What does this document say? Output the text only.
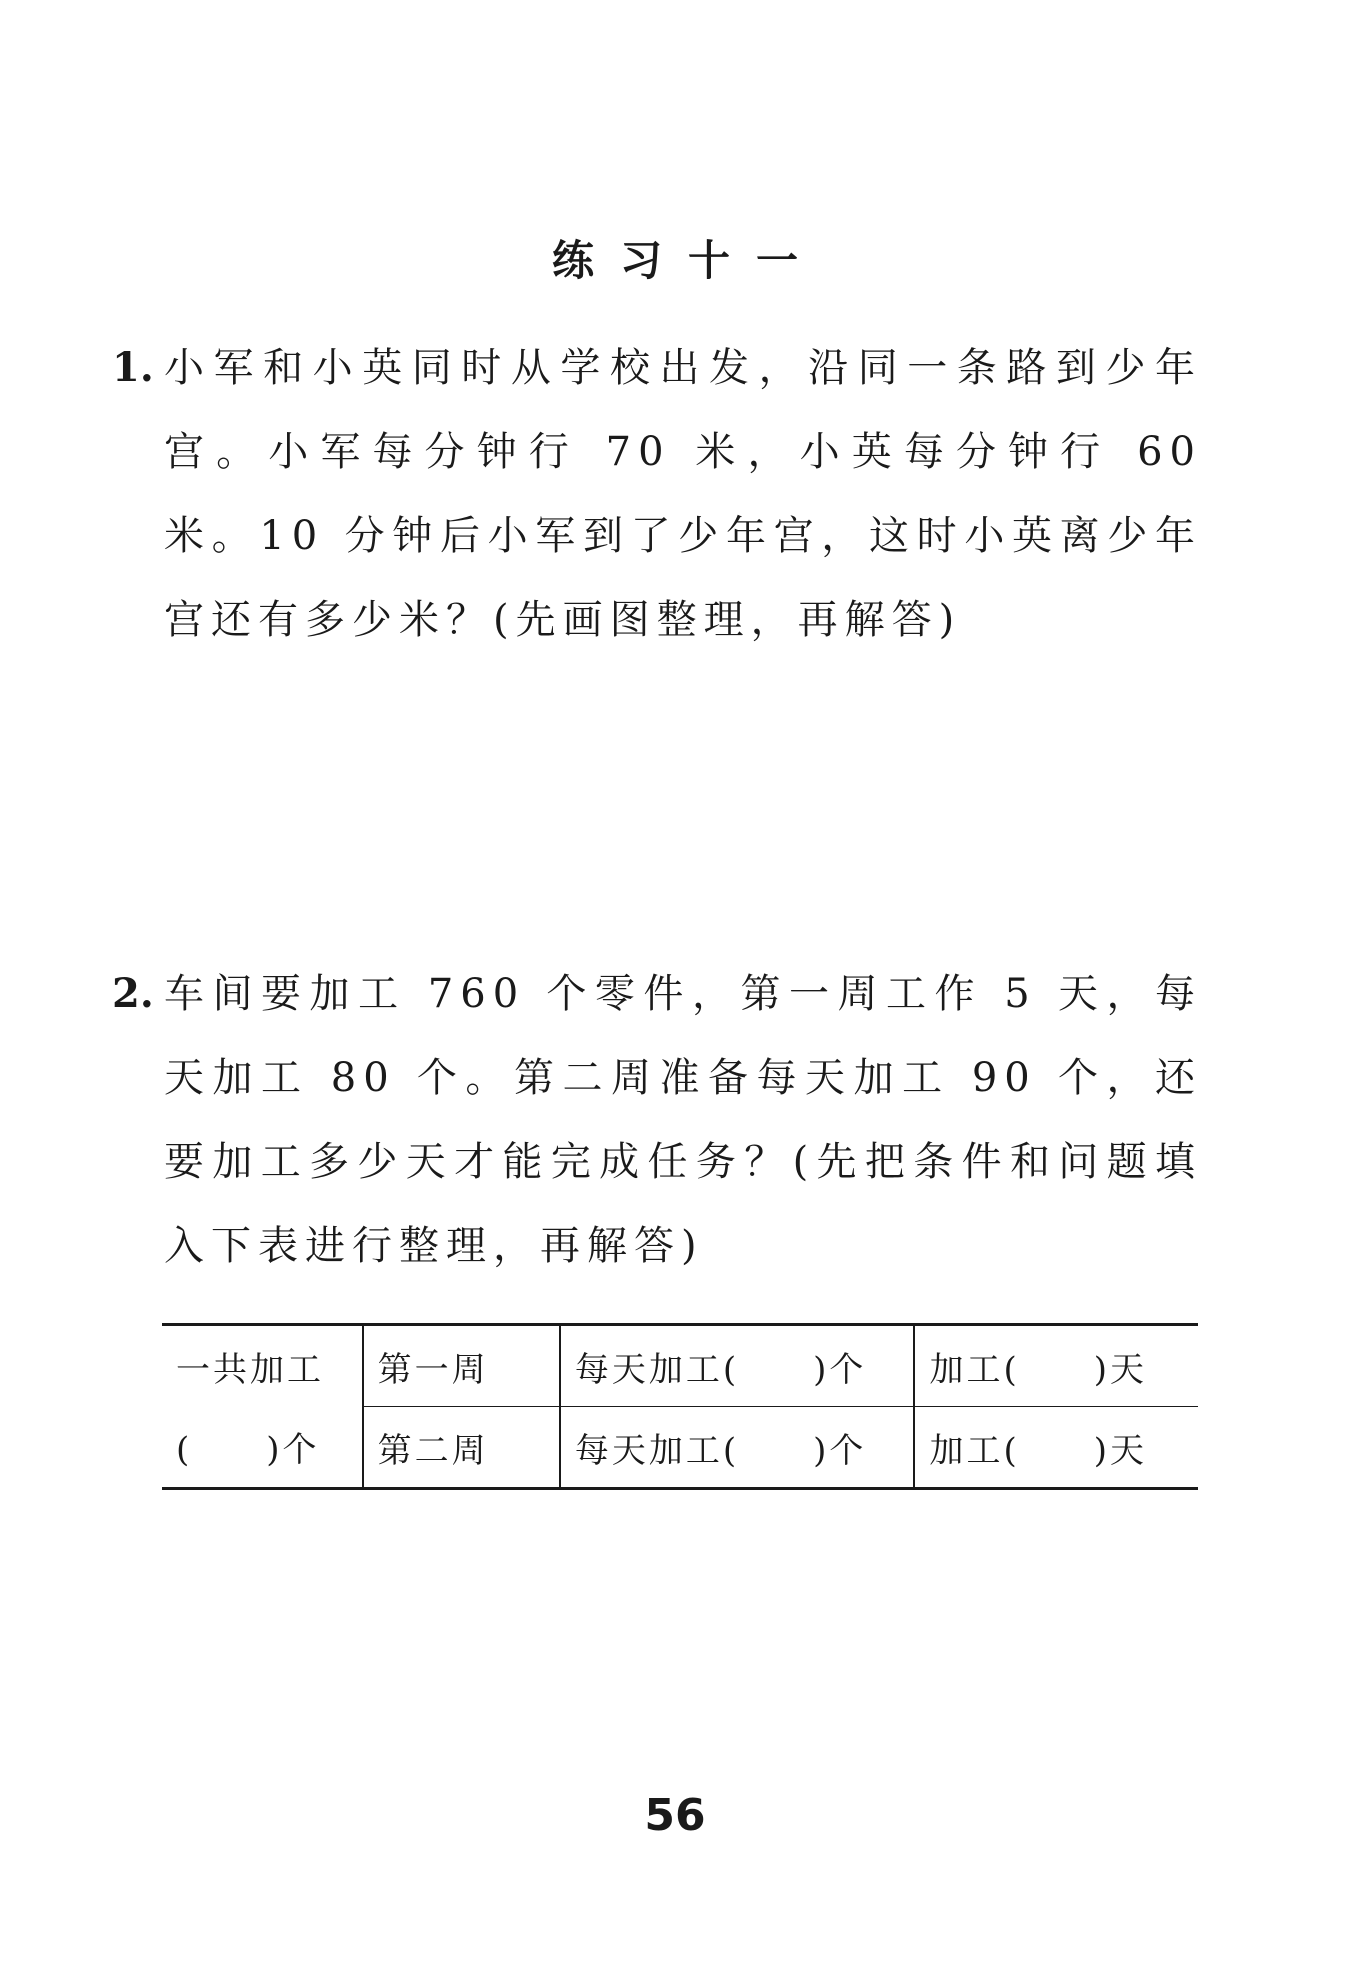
练习十一
1. 小军和小英同时从学校出发，沿同一条路到少年宫。小军每分钟行 70 米，小英每分钟行 60 米。10 分钟后小军到了少年宫，这时小英离少年宫还有多少米？(先画图整理，再解答)
2. 车间要加工 760 个零件，第一周工作 5 天，每天加工 80 个。第二周准备每天加工 90 个，还要加工多少天才能完成任务？(先把条件和问题填入下表进行整理，再解答)
一共加工	第一周	每天加工(　　)个	加工(　　)天
(　　)个	第二周	每天加工(　　)个	加工(　　)天
56
